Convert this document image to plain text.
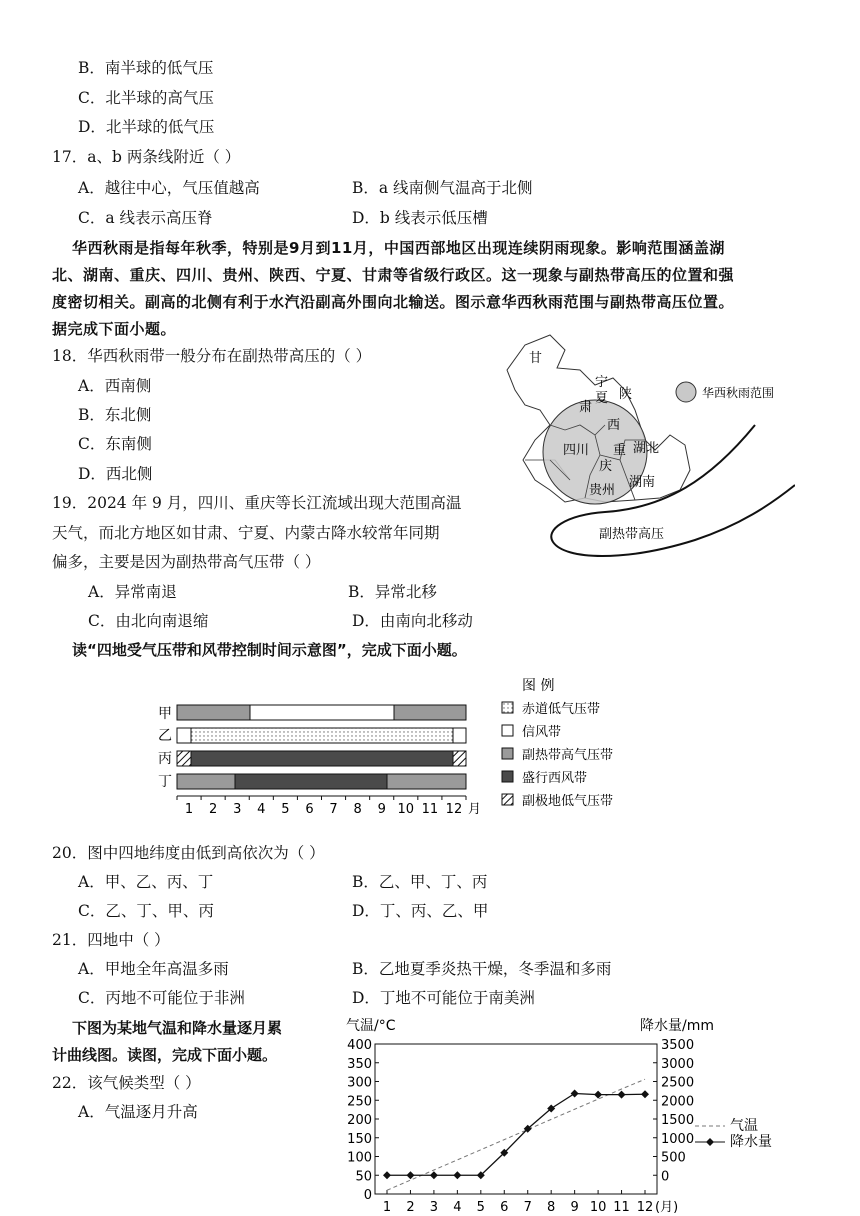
B．南半球的低气压
C．北半球的高气压
D．北半球的低气压
17．a、b 两条线附近（ ）
A．越往中心，气压值越高	B．a 线南侧气温高于北侧
C．a 线表示高压脊	D．b 线表示低压槽
华西秋雨是指每年秋季，特别是9月到11月，中国西部地区出现连续阴雨现象。影响范围涵盖湖
北、湖南、重庆、四川、贵州、陕西、宁夏、甘肃等省级行政区。这一现象与副热带高压的位置和强
度密切相关。副高的北侧有利于水汽沿副高外围向北输送。图示意华西秋雨范围与副热带高压位置。
据完成下面小题。
18．华西秋雨带一般分布在副热带高压的（ ）
A．西南侧
B．东北侧
C．东南侧
D．西北侧
19．2024 年 9 月，四川、重庆等长江流域出现大范围高温
天气，而北方地区如甘肃、宁夏、内蒙古降水较常年同期
偏多，主要是因为副热带高气压带（ ）
A．异常南退	B．异常北移
C．由北向南退缩	D．由南向北移动
甘
宁
夏 陕
肃
西
四川 重
庆
湖北
贵州
湖南
副热带高压
华西秋雨范围
读“四地受气压带和风带控制时间示意图”，完成下面小题。
甲
乙
丙
丁
1 2 3 4 5 6 7 8 9 10 11 12 月
图 例
赤道低气压带
信风带
副热带高气压带
盛行西风带
副极地低气压带
20．图中四地纬度由低到高依次为（ ）
A．甲、乙、丙、丁	B．乙、甲、丁、丙
C．乙、丁、甲、丙	D．丁、丙、乙、甲
21．四地中（ ）
A．甲地全年高温多雨	B．乙地夏季炎热干燥，冬季温和多雨
C．丙地不可能位于非洲	D．丁地不可能位于南美洲
下图为某地气温和降水量逐月累
计曲线图。读图，完成下面小题。
22．该气候类型（ ）
A．气温逐月升高
气温/°C	降水量/mm
0
50
100
150
200
250
300
350
400
0
500
1000
1500
2000
2500
3000
3500
1 2 3 4 5 6 7 8 9 10 11 12 (月)
气温
降水量
